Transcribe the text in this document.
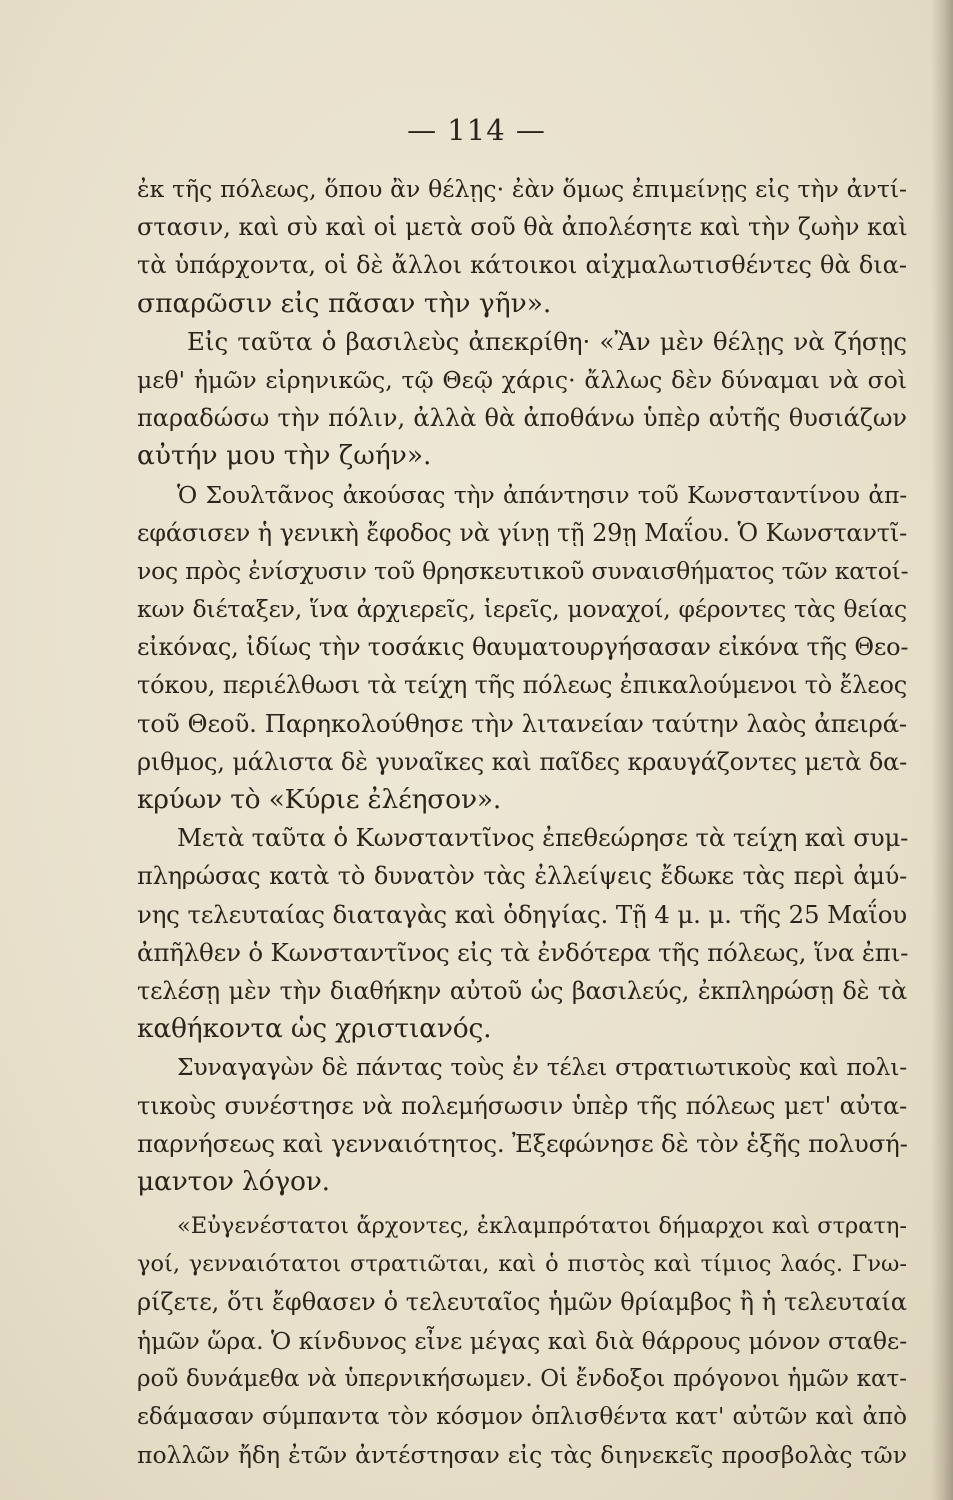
— 114 —
ἐκ τῆς πόλεως, ὅπου ἂν θέλῃς· ἐὰν ὅμως ἐπιμείνῃς εἰς τὴν ἀντί-
στασιν, καὶ σὺ καὶ οἱ μετὰ σοῦ θὰ ἀπολέσητε καὶ τὴν ζωὴν καὶ
τὰ ὑπάρχοντα, οἱ δὲ ἄλλοι κάτοικοι αἰχμαλωτισθέντες θὰ δια-
σπαρῶσιν εἰς πᾶσαν τὴν γῆν».
Εἰς ταῦτα ὁ βασιλεὺς ἀπεκρίθη· «Ἂν μὲν θέλῃς νὰ ζήσῃς
μεθ' ἡμῶν εἰρηνικῶς, τῷ Θεῷ χάρις· ἄλλως δὲν δύναμαι νὰ σοὶ
παραδώσω τὴν πόλιν, ἀλλὰ θὰ ἀποθάνω ὑπὲρ αὐτῆς θυσιάζων
αὐτήν μου τὴν ζωήν».
Ὁ Σουλτᾶνος ἀκούσας τὴν ἀπάντησιν τοῦ Κωνσταντίνου ἀπ-
εφάσισεν ἡ γενικὴ ἔφοδος νὰ γίνῃ τῇ 29ῃ Μαΐου. Ὁ Κωνσταντῖ-
νος πρὸς ἐνίσχυσιν τοῦ θρησκευτικοῦ συναισθήματος τῶν κατοί-
κων διέταξεν, ἵνα ἀρχιερεῖς, ἱερεῖς, μοναχοί, φέροντες τὰς θείας
εἰκόνας, ἰδίως τὴν τοσάκις θαυματουργήσασαν εἰκόνα τῆς Θεο-
τόκου, περιέλθωσι τὰ τείχη τῆς πόλεως ἐπικαλούμενοι τὸ ἔλεος
τοῦ Θεοῦ. Παρηκολούθησε τὴν λιτανείαν ταύτην λαὸς ἀπειρά-
ριθμος, μάλιστα δὲ γυναῖκες καὶ παῖδες κραυγάζοντες μετὰ δα-
κρύων τὸ «Κύριε ἐλέησον».
Μετὰ ταῦτα ὁ Κωνσταντῖνος ἐπεθεώρησε τὰ τείχη καὶ συμ-
πληρώσας κατὰ τὸ δυνατὸν τὰς ἐλλείψεις ἔδωκε τὰς περὶ ἀμύ-
νης τελευταίας διαταγὰς καὶ ὁδηγίας. Τῇ 4 μ. μ. τῆς 25 Μαΐου
ἀπῆλθεν ὁ Κωνσταντῖνος εἰς τὰ ἐνδότερα τῆς πόλεως, ἵνα ἐπι-
τελέσῃ μὲν τὴν διαθήκην αὐτοῦ ὡς βασιλεύς, ἐκπληρώσῃ δὲ τὰ
καθήκοντα ὡς χριστιανός.
Συναγαγὼν δὲ πάντας τοὺς ἐν τέλει στρατιωτικοὺς καὶ πολι-
τικοὺς συνέστησε νὰ πολεμήσωσιν ὑπὲρ τῆς πόλεως μετ' αὐτα-
παρνήσεως καὶ γενναιότητος. Ἐξεφώνησε δὲ τὸν ἑξῆς πολυσή-
μαντον λόγον.
«Εὐγενέστατοι ἄρχοντες, ἐκλαμπρότατοι δήμαρχοι καὶ στρατη-
γοί, γενναιότατοι στρατιῶται, καὶ ὁ πιστὸς καὶ τίμιος λαός. Γνω-
ρίζετε, ὅτι ἔφθασεν ὁ τελευταῖος ἡμῶν θρίαμβος ἢ ἡ τελευταία
ἡμῶν ὥρα. Ὁ κίνδυνος εἶνε μέγας καὶ διὰ θάρρους μόνον σταθε-
ροῦ δυνάμεθα νὰ ὑπερνικήσωμεν. Οἱ ἔνδοξοι πρόγονοι ἡμῶν κατ-
εδάμασαν σύμπαντα τὸν κόσμον ὁπλισθέντα κατ' αὐτῶν καὶ ἀπὸ
πολλῶν ἤδη ἐτῶν ἀντέστησαν εἰς τὰς διηνεκεῖς προσβολὰς τῶν
